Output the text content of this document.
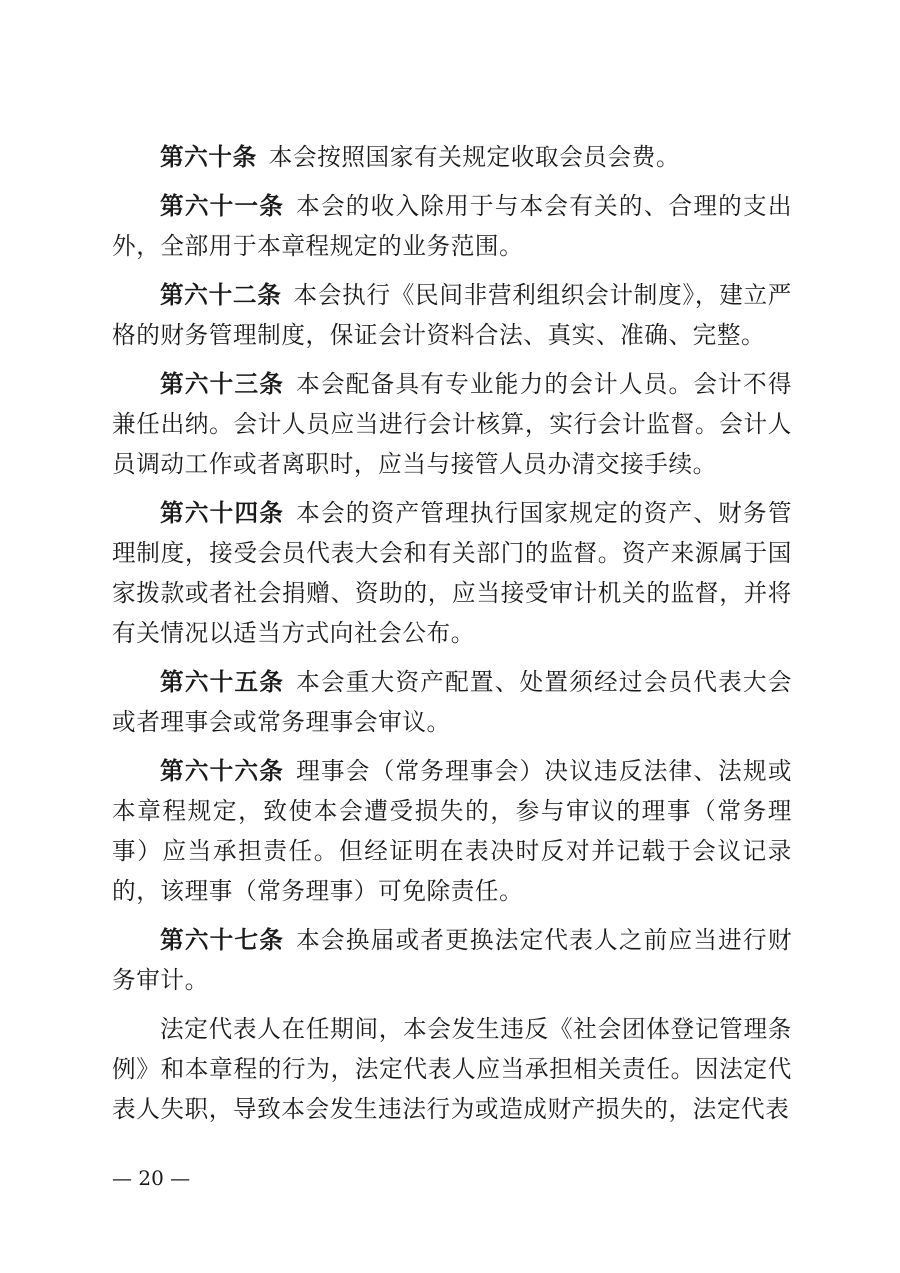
第六十条 本会按照国家有关规定收取会员会费。

第六十一条 本会的收入除用于与本会有关的、合理的支出外，全部用于本章程规定的业务范围。

第六十二条 本会执行《民间非营利组织会计制度》，建立严格的财务管理制度，保证会计资料合法、真实、准确、完整。

第六十三条 本会配备具有专业能力的会计人员。会计不得兼任出纳。会计人员应当进行会计核算，实行会计监督。会计人员调动工作或者离职时，应当与接管人员办清交接手续。

第六十四条 本会的资产管理执行国家规定的资产、财务管理制度，接受会员代表大会和有关部门的监督。资产来源属于国家拨款或者社会捐赠、资助的，应当接受审计机关的监督，并将有关情况以适当方式向社会公布。

第六十五条 本会重大资产配置、处置须经过会员代表大会或者理事会或常务理事会审议。

第六十六条 理事会（常务理事会）决议违反法律、法规或本章程规定，致使本会遭受损失的，参与审议的理事（常务理事）应当承担责任。但经证明在表决时反对并记载于会议记录的，该理事（常务理事）可免除责任。

第六十七条 本会换届或者更换法定代表人之前应当进行财务审计。

法定代表人在任期间，本会发生违反《社会团体登记管理条例》和本章程的行为，法定代表人应当承担相关责任。因法定代表人失职，导致本会发生违法行为或造成财产损失的，法定代表

— 20 —
